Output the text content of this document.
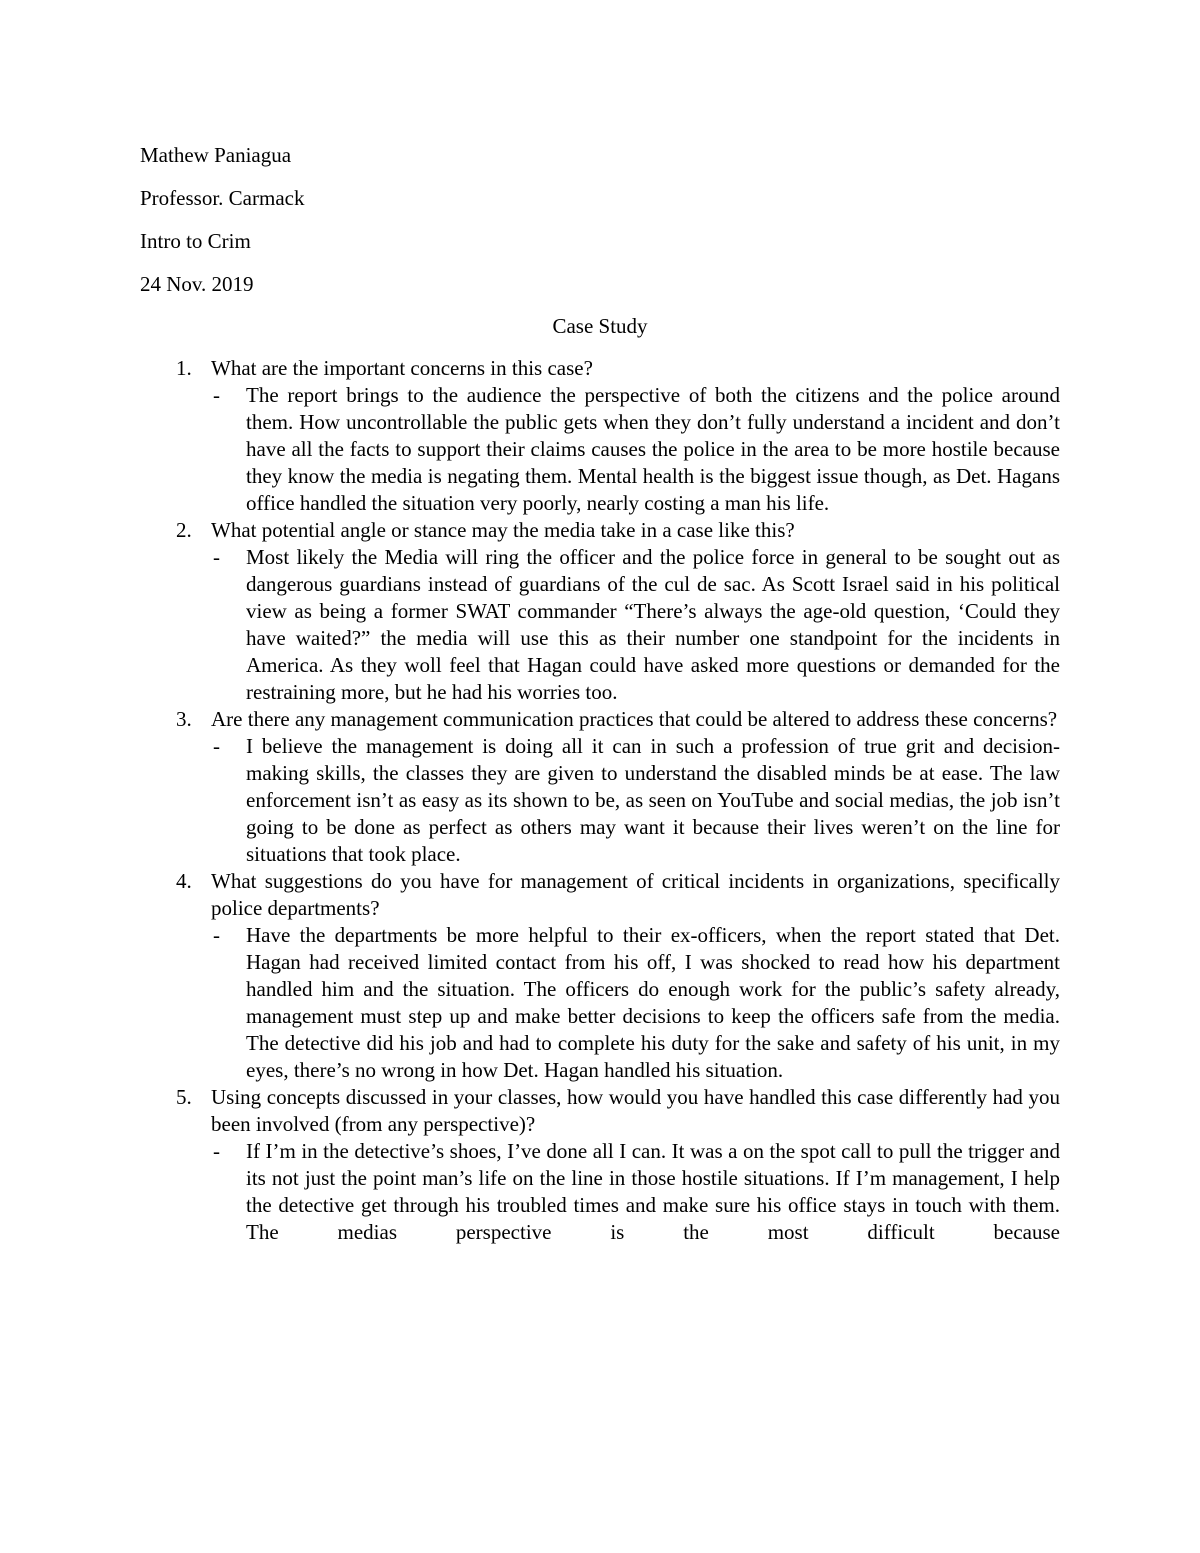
Mathew Paniagua

Professor. Carmack

Intro to Crim

24 Nov. 2019

Case Study

1. What are the important concerns in this case?

- The report brings to the audience the perspective of both the citizens and the police around them. How uncontrollable the public gets when they don’t fully understand a incident and don’t have all the facts to support their claims causes the police in the area to be more hostile because they know the media is negating them. Mental health is the biggest issue though, as Det. Hagans office handled the situation very poorly, nearly costing a man his life.

2. What potential angle or stance may the media take in a case like this?

- Most likely the Media will ring the officer and the police force in general to be sought out as dangerous guardians instead of guardians of the cul de sac. As Scott Israel said in his political view as being a former SWAT commander “There’s always the age-old question, ‘Could they have waited?” the media will use this as their number one standpoint for the incidents in America. As they woll feel that Hagan could have asked more questions or demanded for the restraining more, but he had his worries too.

3. Are there any management communication practices that could be altered to address these concerns?

- I believe the management is doing all it can in such a profession of true grit and decision-making skills, the classes they are given to understand the disabled minds be at ease. The law enforcement isn’t as easy as its shown to be, as seen on YouTube and social medias, the job isn’t going to be done as perfect as others may want it because their lives weren’t on the line for situations that took place.

4. What suggestions do you have for management of critical incidents in organizations, specifically police departments?

- Have the departments be more helpful to their ex-officers, when the report stated that Det. Hagan had received limited contact from his off, I was shocked to read how his department handled him and the situation. The officers do enough work for the public’s safety already, management must step up and make better decisions to keep the officers safe from the media. The detective did his job and had to complete his duty for the sake and safety of his unit, in my eyes, there’s no wrong in how Det. Hagan handled his situation.

5. Using concepts discussed in your classes, how would you have handled this case differently had you been involved (from any perspective)?

- If I’m in the detective’s shoes, I’ve done all I can. It was a on the spot call to pull the trigger and its not just the point man’s life on the line in those hostile situations. If I’m management, I help the detective get through his troubled times and make sure his office stays in touch with them. The medias perspective is the most difficult because
